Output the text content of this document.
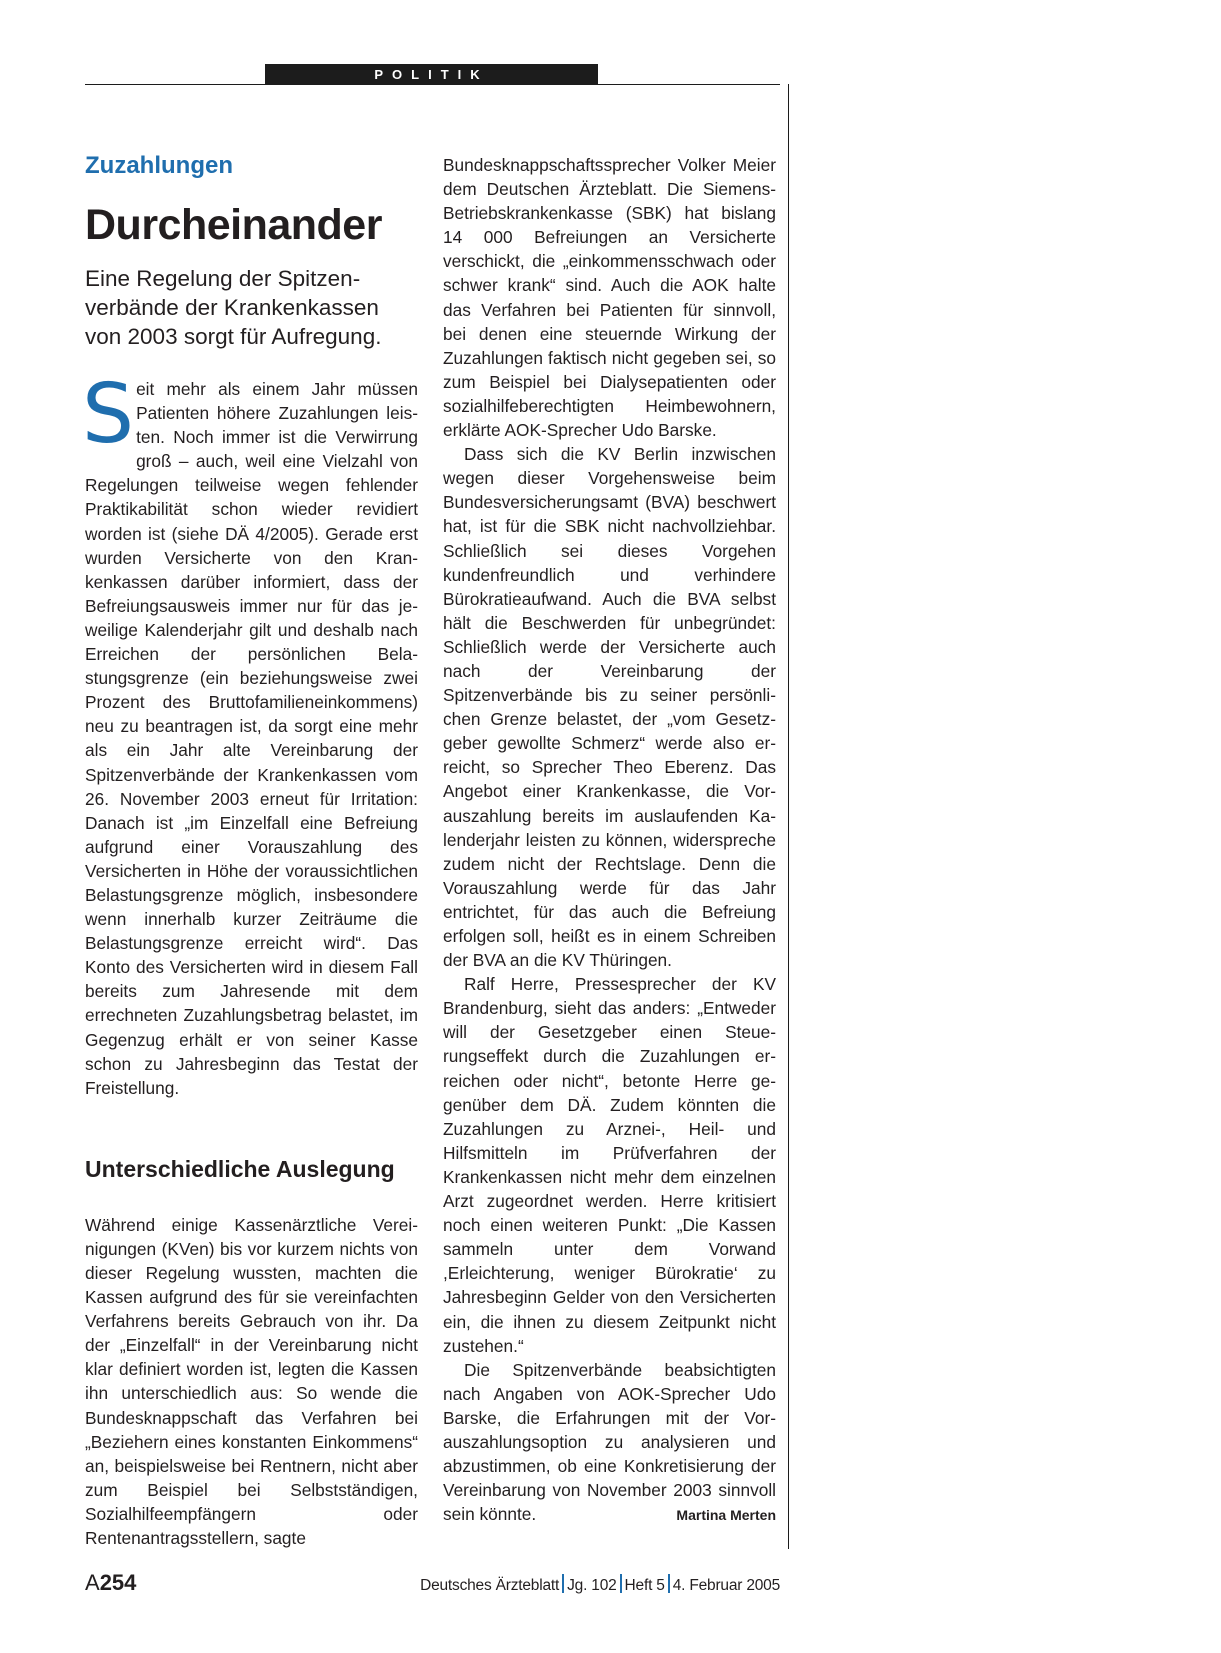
POLITIK
Zuzahlungen
Durcheinander

Eine Regelung der Spitzenverbände der Krankenkassen von 2003 sorgt für Aufregung.

Seit mehr als einem Jahr müssen Patienten höhere Zuzahlungen leisten. Noch immer ist die Verwirrung groß – auch, weil eine Vielzahl von Regelungen teilweise wegen fehlender Praktikabilität schon wieder revidiert worden ist (siehe DÄ 4/2005). Gerade erst wurden Versicherte von den Krankenkassen darüber informiert, dass der Befreiungsausweis immer nur für das jeweilige Kalenderjahr gilt und deshalb nach Erreichen der persönlichen Belastungsgrenze (ein beziehungsweise zwei Prozent des Bruttofamilieneinkommens) neu zu beantragen ist, da sorgt eine mehr als ein Jahr alte Vereinbarung der Spitzenverbände der Krankenkassen vom 26. November 2003 erneut für Irritation: Danach ist „im Einzelfall eine Befreiung aufgrund einer Vorauszahlung des Versicherten in Höhe der voraussichtlichen Belastungsgrenze möglich, insbesondere wenn innerhalb kurzer Zeiträume die Belastungsgrenze erreicht wird“. Das Konto des Versicherten wird in diesem Fall bereits zum Jahresende mit dem errechneten Zuzahlungsbetrag belastet, im Gegenzug erhält er von seiner Kasse schon zu Jahresbeginn das Testat der Freistellung.

Unterschiedliche Auslegung

Während einige Kassenärztliche Vereinigungen (KVen) bis vor kurzem nichts von dieser Regelung wussten, machten die Kassen aufgrund des für sie vereinfachten Verfahrens bereits Gebrauch von ihr. Da der „Einzelfall“ in der Vereinbarung nicht klar definiert worden ist, legten die Kassen ihn unterschiedlich aus: So wende die Bundesknappschaft das Verfahren bei „Beziehern eines konstanten Einkommens“ an, beispielsweise bei Rentnern, nicht aber zum Beispiel bei Selbstständigen, Sozialhilfeempfängern oder Rentenantragsstellern, sagte

Bundesknappschaftssprecher Volker Meier dem Deutschen Ärzteblatt. Die Siemens-Betriebskrankenkasse (SBK) hat bislang 14 000 Befreiungen an Versicherte verschickt, die „einkommensschwach oder schwer krank“ sind. Auch die AOK halte das Verfahren bei Patienten für sinnvoll, bei denen eine steuernde Wirkung der Zuzahlungen faktisch nicht gegeben sei, so zum Beispiel bei Dialysepatienten oder sozialhilfeberechtigten Heimbewohnern, erklärte AOK-Sprecher Udo Barske.

Dass sich die KV Berlin inzwischen wegen dieser Vorgehensweise beim Bundesversicherungsamt (BVA) beschwert hat, ist für die SBK nicht nachvollziehbar. Schließlich sei dieses Vorgehen kundenfreundlich und verhindere Bürokratieaufwand. Auch die BVA selbst hält die Beschwerden für unbegründet: Schließlich werde der Versicherte auch nach der Vereinbarung der Spitzenverbände bis zu seiner persönlichen Grenze belastet, der „vom Gesetzgeber gewollte Schmerz“ werde also erreicht, so Sprecher Theo Eberenz. Das Angebot einer Krankenkasse, die Vorauszahlung bereits im auslaufenden Kalenderjahr leisten zu können, widerspreche zudem nicht der Rechtslage. Denn die Vorauszahlung werde für das Jahr entrichtet, für das auch die Befreiung erfolgen soll, heißt es in einem Schreiben der BVA an die KV Thüringen.

Ralf Herre, Pressesprecher der KV Brandenburg, sieht das anders: „Entweder will der Gesetzgeber einen Steuerungseffekt durch die Zuzahlungen erreichen oder nicht“, betonte Herre gegenüber dem DÄ. Zudem könnten die Zuzahlungen zu Arznei-, Heil- und Hilfsmitteln im Prüfverfahren der Krankenkassen nicht mehr dem einzelnen Arzt zugeordnet werden. Herre kritisiert noch einen weiteren Punkt: „Die Kassen sammeln unter dem Vorwand ,Erleichterung, weniger Bürokratie‘ zu Jahresbeginn Gelder von den Versicherten ein, die ihnen zu diesem Zeitpunkt nicht zustehen.“

Die Spitzenverbände beabsichtigten nach Angaben von AOK-Sprecher Udo Barske, die Erfahrungen mit der Vorauszahlungsoption zu analysieren und abzustimmen, ob eine Konkretisierung der Vereinbarung von November 2003 sinnvoll sein könnte.	Martina Merten

A254	Deutsches Ärzteblatt Jg. 102 Heft 5 4. Februar 2005
